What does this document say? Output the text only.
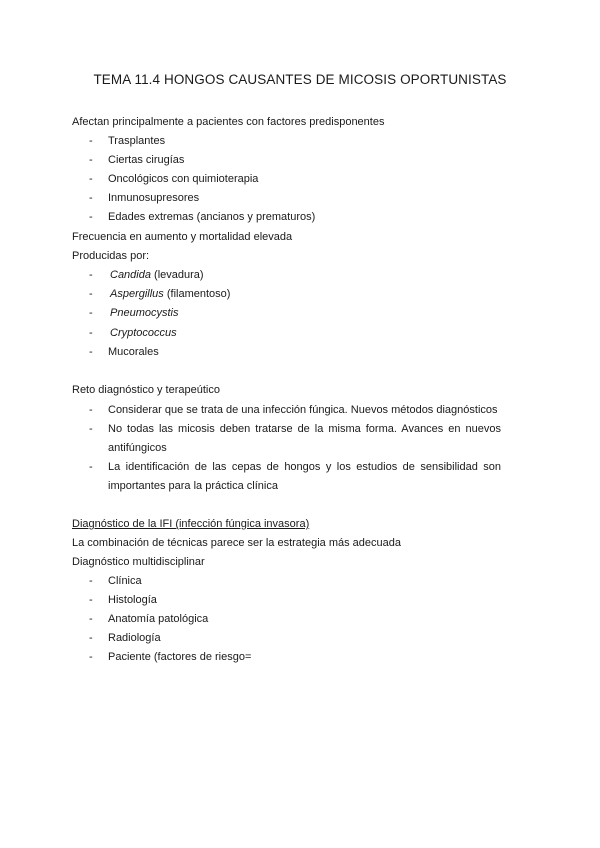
TEMA 11.4 HONGOS CAUSANTES DE MICOSIS OPORTUNISTAS
Afectan principalmente a pacientes con factores predisponentes
- Trasplantes
- Ciertas cirugías
- Oncológicos con quimioterapia
- Inmunosupresores
- Edades extremas (ancianos y prematuros)
Frecuencia en aumento y mortalidad elevada
Producidas por:
- Candida (levadura)
- Aspergillus (filamentoso)
- Pneumocystis
- Cryptococcus
- Mucorales
Reto diagnóstico y terapeútico
- Considerar que se trata de una infección fúngica. Nuevos métodos diagnósticos
- No todas las micosis deben tratarse de la misma forma. Avances en nuevos
antifúngicos
- La identificación de las cepas de hongos y los estudios de sensibilidad son
importantes para la práctica clínica
Diagnóstico de la IFI (infección fúngica invasora)
La combinación de técnicas parece ser la estrategia más adecuada
Diagnóstico multidisciplinar
- Clínica
- Histología
- Anatomía patológica
- Radiología
- Paciente (factores de riesgo=
